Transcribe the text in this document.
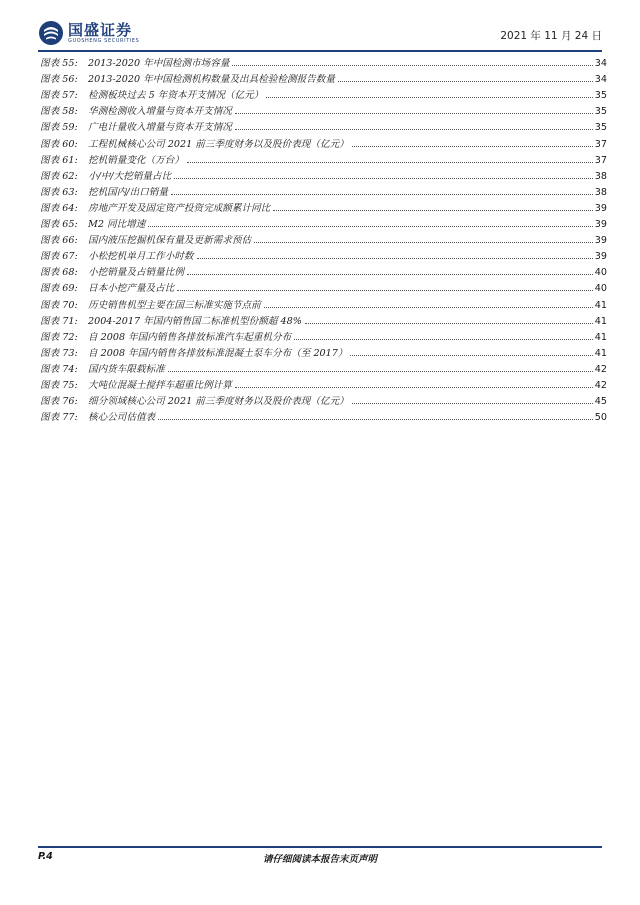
国盛证券
GUOSHENG SECURITIES	2021 年 11 月 24 日
图表 55:	2013-2020 年中国检测市场容量	34
图表 56:	2013-2020 年中国检测机构数量及出具检验检测报告数量	34
图表 57:	检测板块过去 5 年资本开支情况（亿元）	35
图表 58:	华测检测收入增量与资本开支情况	35
图表 59:	广电计量收入增量与资本开支情况	35
图表 60:	工程机械核心公司 2021 前三季度财务以及股价表现（亿元）	37
图表 61:	挖机销量变化（万台）	37
图表 62:	小/中/大挖销量占比	38
图表 63:	挖机国内/出口销量	38
图表 64:	房地产开发及固定资产投资完成额累计同比	39
图表 65:	M2 同比增速	39
图表 66:	国内液压挖掘机保有量及更新需求预估	39
图表 67:	小松挖机单月工作小时数	39
图表 68:	小挖销量及占销量比例	40
图表 69:	日本小挖产量及占比	40
图表 70:	历史销售机型主要在国三标准实施节点前	41
图表 71:	2004-2017 年国内销售国二标准机型份额超 48%	41
图表 72:	自 2008 年国内销售各排放标准汽车起重机分布	41
图表 73:	自 2008 年国内销售各排放标准混凝土泵车分布（至 2017）	41
图表 74:	国内货车限载标准	42
图表 75:	大吨位混凝土搅拌车超重比例计算	42
图表 76:	细分领域核心公司 2021 前三季度财务以及股价表现（亿元）	45
图表 77:	核心公司估值表	50
P.4	请仔细阅读本报告末页声明
